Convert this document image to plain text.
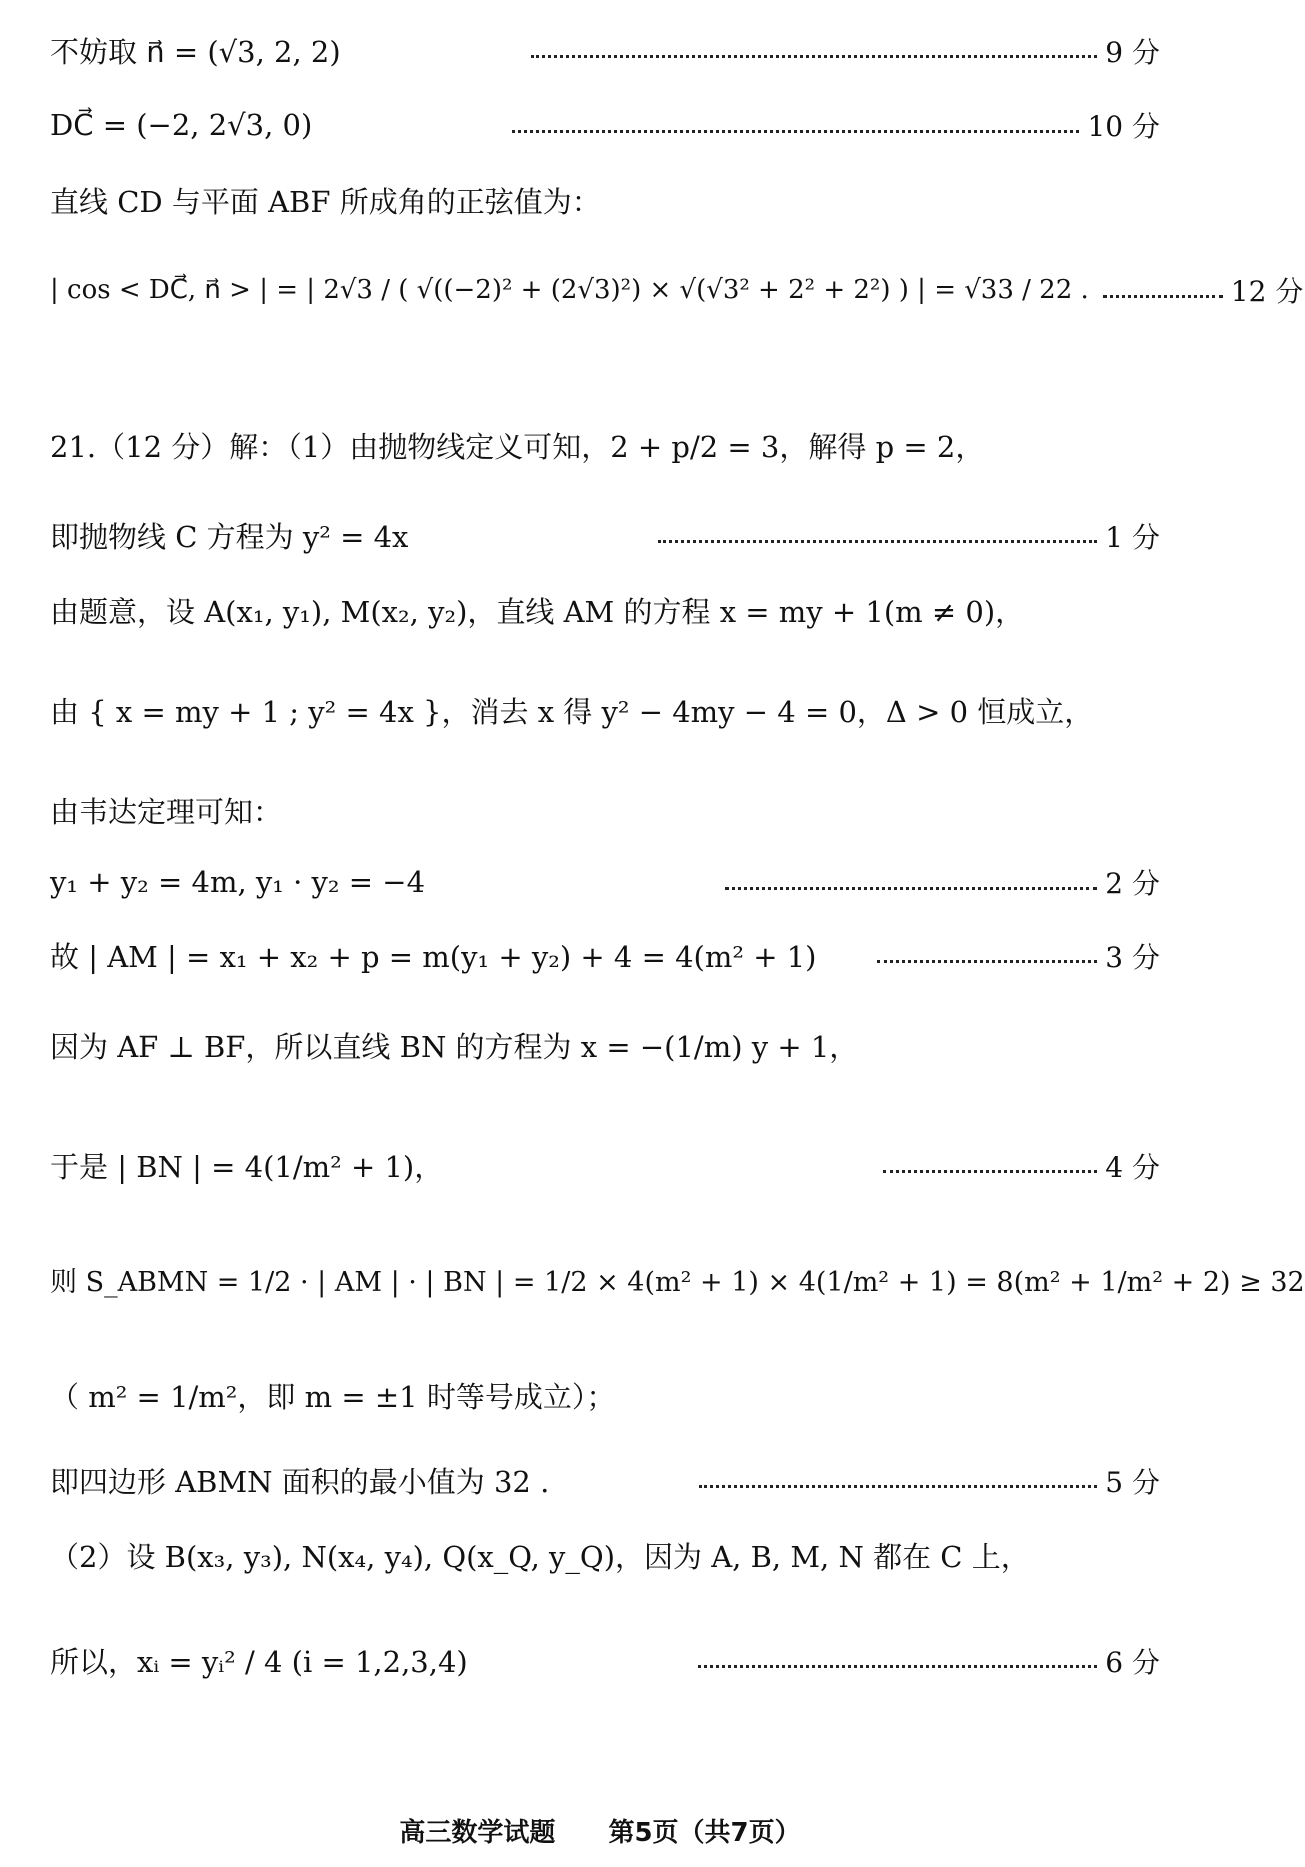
不妨取 n⃗ = (√3, 2, 2)	9 分
DC⃗ = (−2, 2√3, 0)	10 分
直线 CD 与平面 ABF 所成角的正弦值为：
| cos < DC⃗, n⃗ > | = | 2√3 / ( √((−2)² + (2√3)²) × √(√3² + 2² + 2²) ) | = √33 / 22 .	12 分
21.（12 分）解：（1）由抛物线定义可知，2 + p/2 = 3，解得 p = 2，
即抛物线 C 方程为 y² = 4x	1 分
由题意，设 A(x₁, y₁), M(x₂, y₂)，直线 AM 的方程 x = my + 1(m ≠ 0)，
由 { x = my + 1 ; y² = 4x }，消去 x 得 y² − 4my − 4 = 0，Δ > 0 恒成立，
由韦达定理可知：
y₁ + y₂ = 4m, y₁ · y₂ = −4	2 分
故 | AM | = x₁ + x₂ + p = m(y₁ + y₂) + 4 = 4(m² + 1)	3 分
因为 AF ⊥ BF，所以直线 BN 的方程为 x = −(1/m) y + 1，
于是 | BN | = 4(1/m² + 1)，	4 分
则 S_ABMN = 1/2 · | AM | · | BN | = 1/2 × 4(m² + 1) × 4(1/m² + 1) = 8(m² + 1/m² + 2) ≥ 32
（ m² = 1/m²，即 m = ±1 时等号成立）；
即四边形 ABMN 面积的最小值为 32 .	5 分
（2）设 B(x₃, y₃), N(x₄, y₄), Q(x_Q, y_Q)，因为 A, B, M, N 都在 C 上，
所以，xᵢ = yᵢ² / 4 (i = 1,2,3,4)	6 分
高三数学试题 第5页（共7页）
